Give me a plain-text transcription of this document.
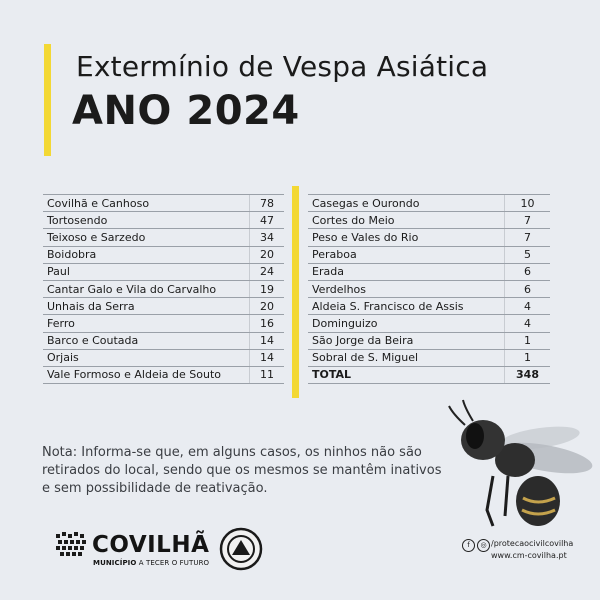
Extermínio de Vespa Asiática
ANO 2024
Covilhã e Canhoso	78
Tortosendo	47
Teixoso e Sarzedo	34
Boidobra	20
Paul	24
Cantar Galo e Vila do Carvalho	19
Unhais da Serra	20
Ferro	16
Barco e Coutada	14
Orjais	14
Vale Formoso e Aldeia de Souto	11
Casegas e Ourondo	10
Cortes do Meio	7
Peso e Vales do Rio	7
Peraboa	5
Erada	6
Verdelhos	6
Aldeia S. Francisco de Assis	4
Dominguizo	4
São Jorge da Beira	1
Sobral de S. Miguel	1
TOTAL	348
Nota: Informa-se que, em alguns casos, os ninhos não são retirados do local, sendo que os mesmos se mantêm inativos e sem possibilidade de reativação.
COVILHÃ
MUNICÍPIO A TECER O FUTURO
f	◎ /protecaocivilcovilha
www.cm-covilha.pt
